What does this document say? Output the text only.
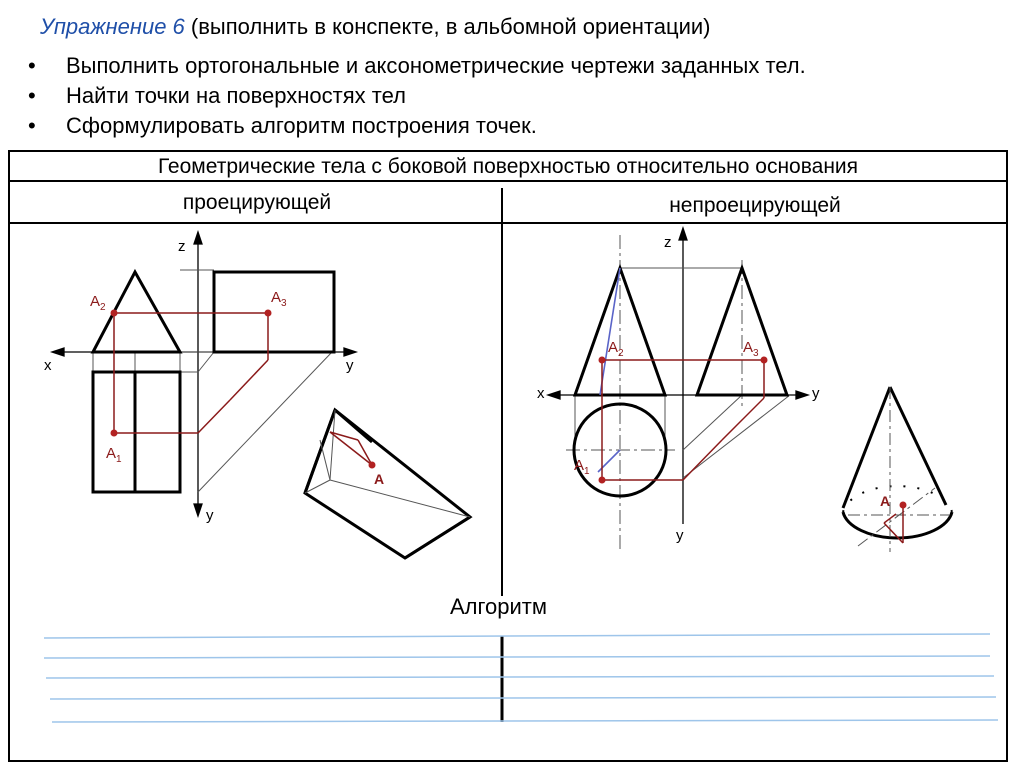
Упражнение 6 (выполнить в конспекте, в альбомной ориентации)
• Выполнить ортогональные и аксонометрические чертежи заданных тел.
• Найти точки на поверхностях тел
• Сформулировать алгоритм построения точек.
Геометрические тела с боковой поверхностью относительно основания
проецирующей	непроецирующей
Алгоритм
z
x	y
y
$A_2$
$A_3$
$A_1$
A
z
x	y
y
$A_2$	$A_3$
$A_1$
A
